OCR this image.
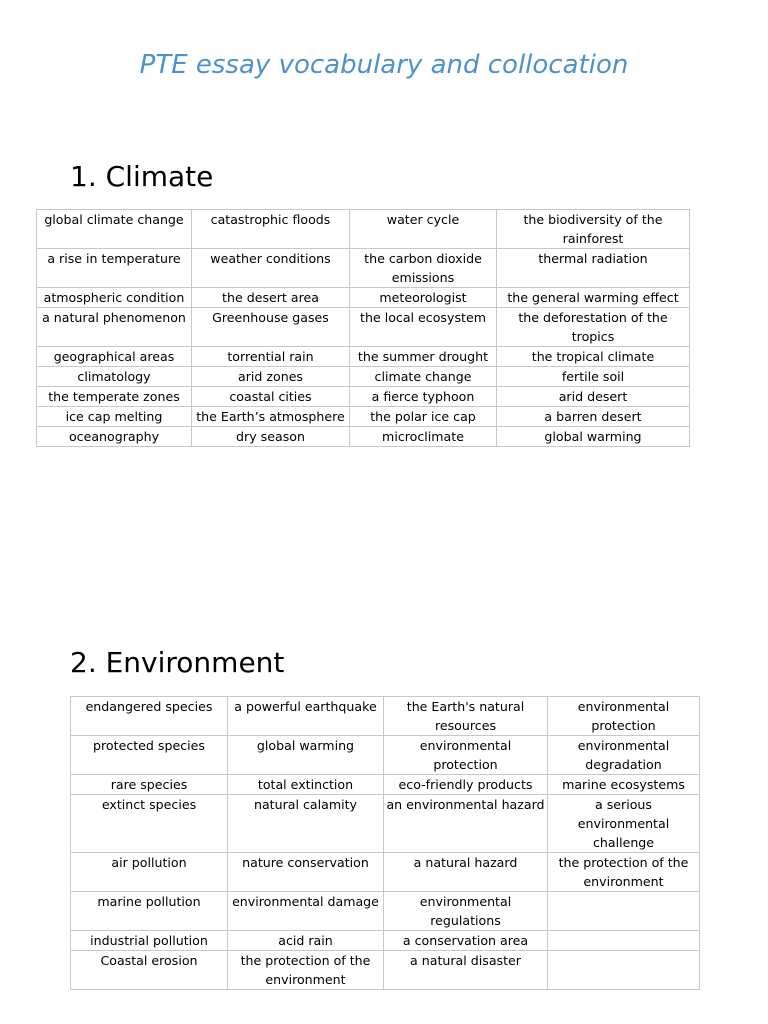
PTE essay vocabulary and collocation
1. Climate
global climate change	catastrophic floods	water cycle	the biodiversity of the rainforest
a rise in temperature	weather conditions	the carbon dioxide emissions	thermal radiation
atmospheric condition	the desert area	meteorologist	the general warming effect
a natural phenomenon	Greenhouse gases	the local ecosystem	the deforestation of the tropics
geographical areas	torrential rain	the summer drought	the tropical climate
climatology	arid zones	climate change	fertile soil
the temperate zones	coastal cities	a fierce typhoon	arid desert
ice cap melting	the Earth’s atmosphere	the polar ice cap	a barren desert
oceanography	dry season	microclimate	global warming
2. Environment
endangered species	a powerful earthquake	the Earth's natural resources	environmental protection
protected species	global warming	environmental protection	environmental degradation
rare species	total extinction	eco-friendly products	marine ecosystems
extinct species	natural calamity	an environmental hazard	a serious environmental challenge
air pollution	nature conservation	a natural hazard	the protection of the environment
marine pollution	environmental damage	environmental regulations	
industrial pollution	acid rain	a conservation area	
Coastal erosion	the protection of the environment	a natural disaster	
